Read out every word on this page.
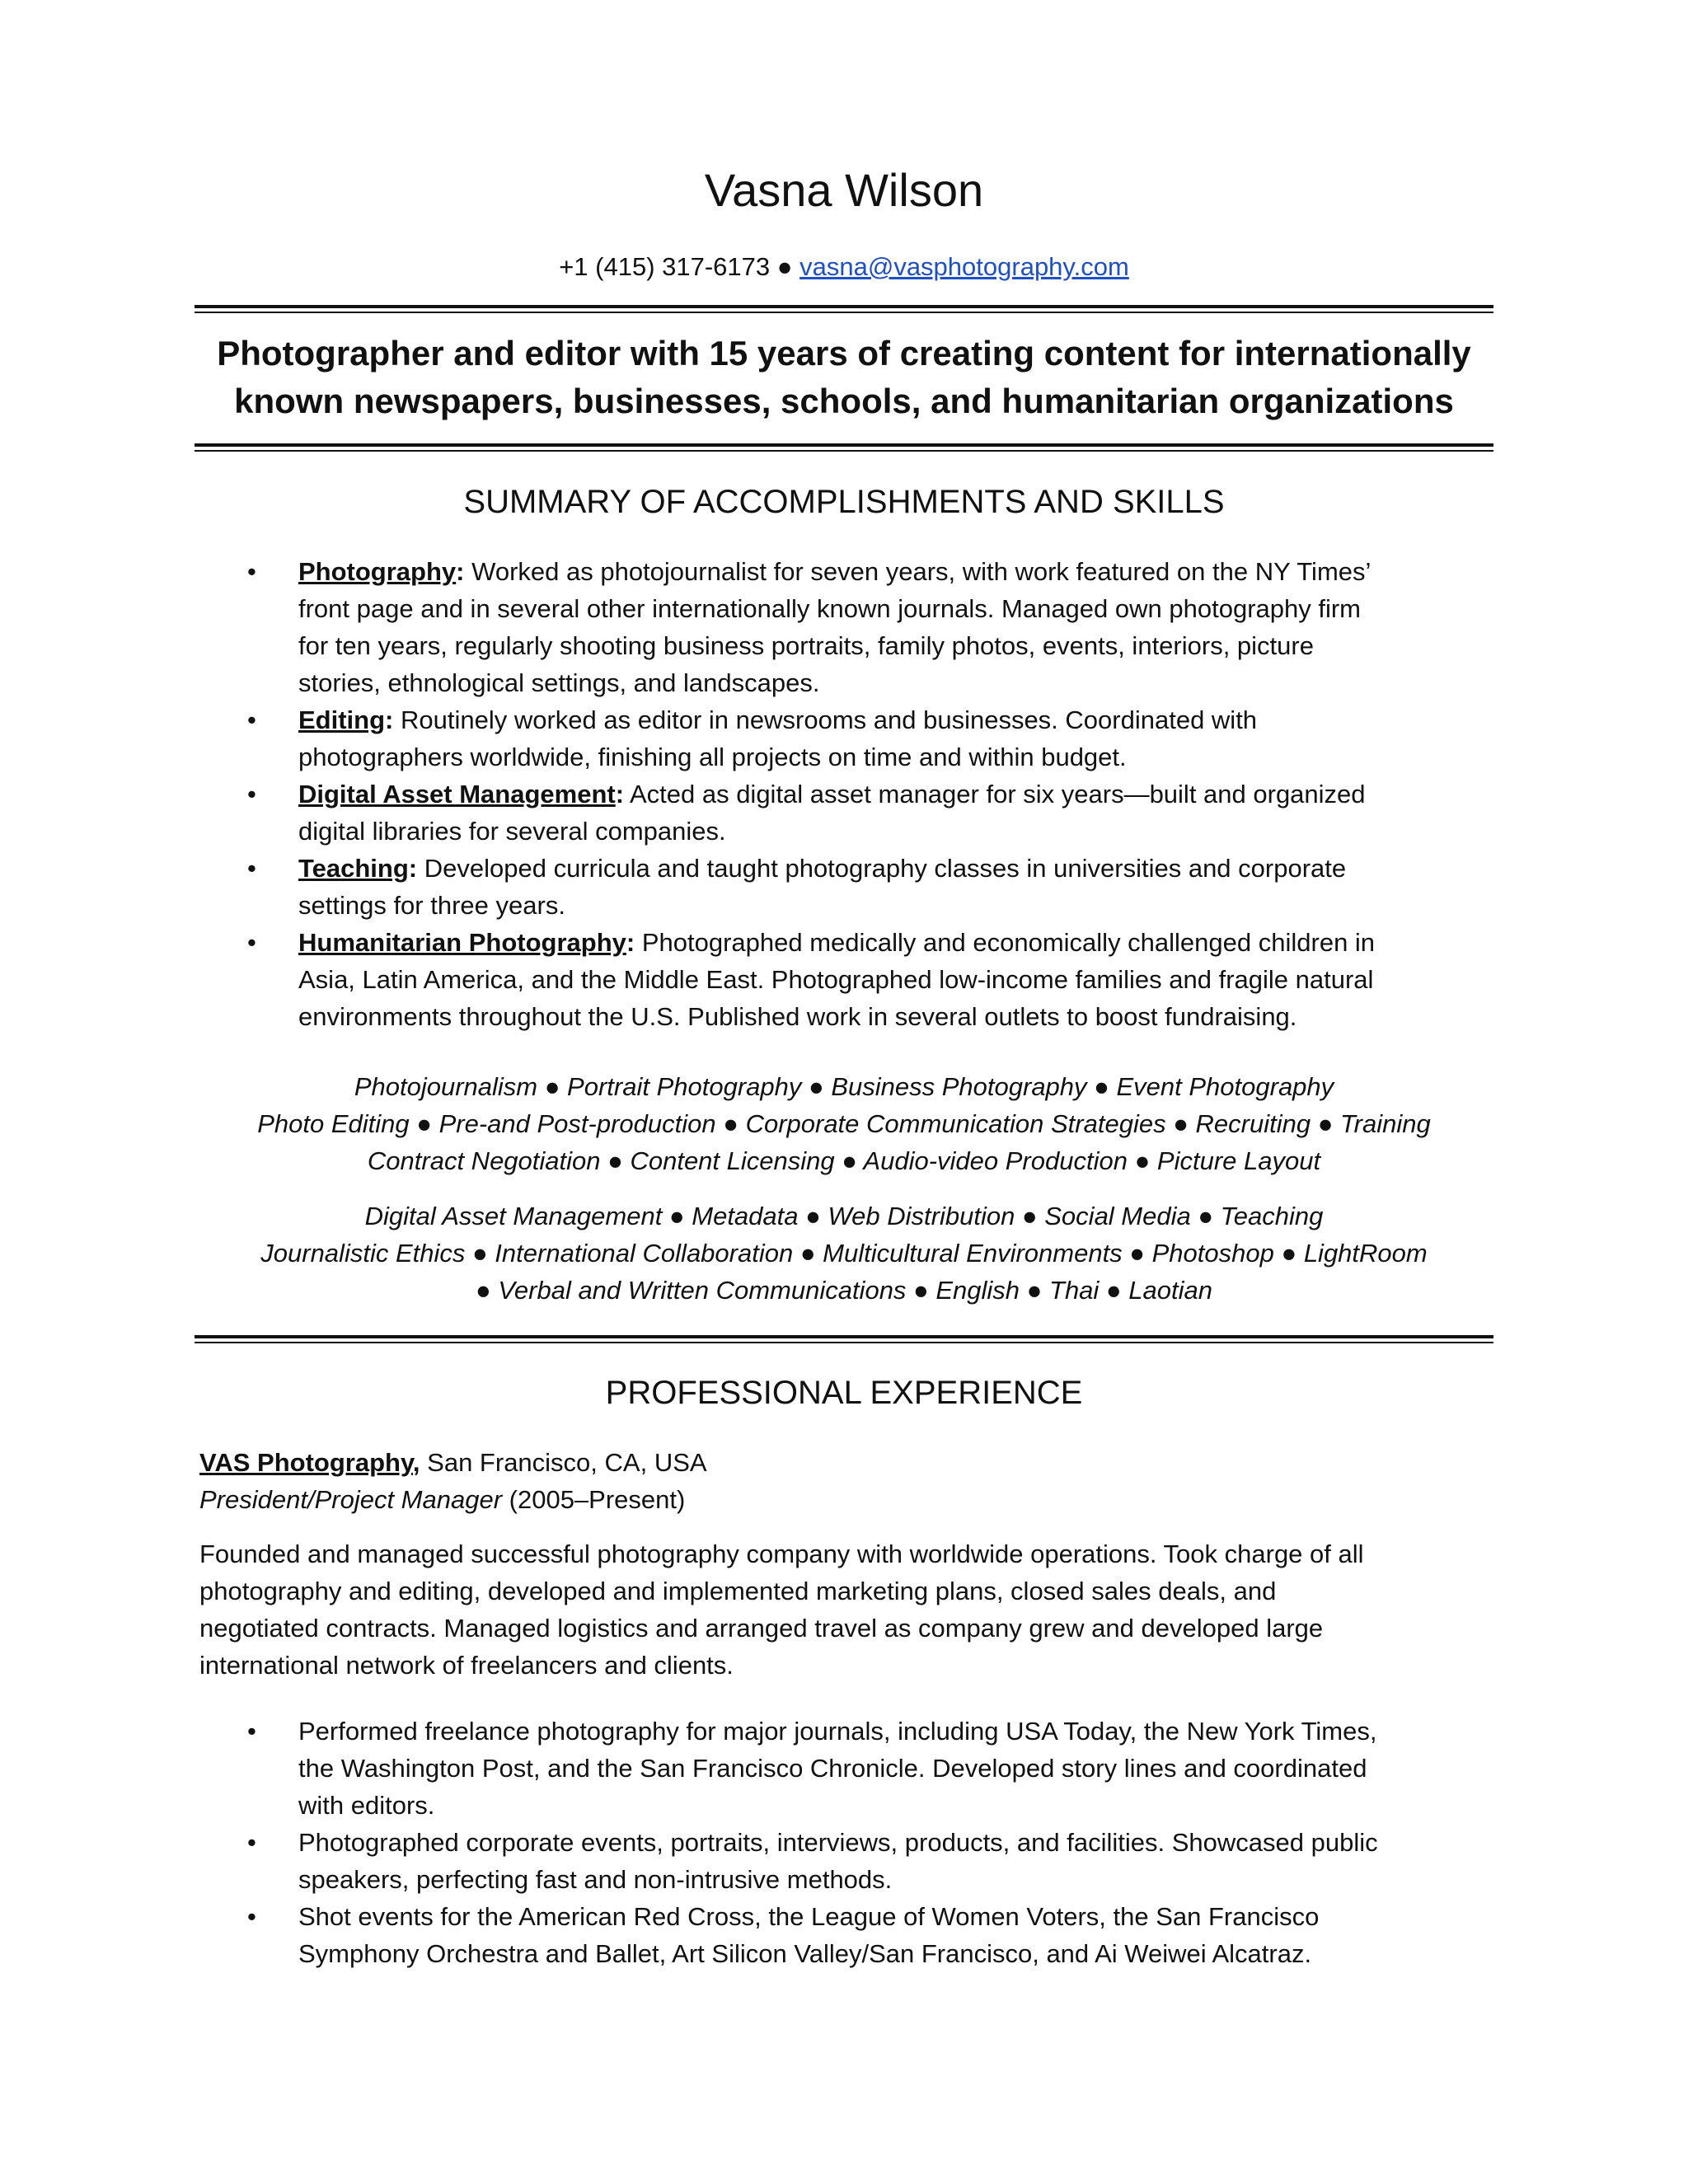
Vasna Wilson
+1 (415) 317-6173 ● vasna@vasphotography.com
Photographer and editor with 15 years of creating content for internationally
known newspapers, businesses, schools, and humanitarian organizations
SUMMARY OF ACCOMPLISHMENTS AND SKILLS
• Photography: Worked as photojournalist for seven years, with work featured on the NY Times’
front page and in several other internationally known journals. Managed own photography firm
for ten years, regularly shooting business portraits, family photos, events, interiors, picture
stories, ethnological settings, and landscapes.
• Editing: Routinely worked as editor in newsrooms and businesses. Coordinated with
photographers worldwide, finishing all projects on time and within budget.
• Digital Asset Management: Acted as digital asset manager for six years—built and organized
digital libraries for several companies.
• Teaching: Developed curricula and taught photography classes in universities and corporate
settings for three years.
• Humanitarian Photography: Photographed medically and economically challenged children in
Asia, Latin America, and the Middle East. Photographed low-income families and fragile natural
environments throughout the U.S. Published work in several outlets to boost fundraising.
Photojournalism ● Portrait Photography ● Business Photography ● Event Photography
Photo Editing ● Pre-and Post-production ● Corporate Communication Strategies ● Recruiting ● Training
Contract Negotiation ● Content Licensing ● Audio-video Production ● Picture Layout
Digital Asset Management ● Metadata ● Web Distribution ● Social Media ● Teaching
Journalistic Ethics ● International Collaboration ● Multicultural Environments ● Photoshop ● LightRoom
● Verbal and Written Communications ● English ● Thai ● Laotian
PROFESSIONAL EXPERIENCE
VAS Photography, San Francisco, CA, USA
President/Project Manager (2005–Present)
Founded and managed successful photography company with worldwide operations. Took charge of all
photography and editing, developed and implemented marketing plans, closed sales deals, and
negotiated contracts. Managed logistics and arranged travel as company grew and developed large
international network of freelancers and clients.
• Performed freelance photography for major journals, including USA Today, the New York Times,
the Washington Post, and the San Francisco Chronicle. Developed story lines and coordinated
with editors.
• Photographed corporate events, portraits, interviews, products, and facilities. Showcased public
speakers, perfecting fast and non-intrusive methods.
• Shot events for the American Red Cross, the League of Women Voters, the San Francisco
Symphony Orchestra and Ballet, Art Silicon Valley/San Francisco, and Ai Weiwei Alcatraz.
